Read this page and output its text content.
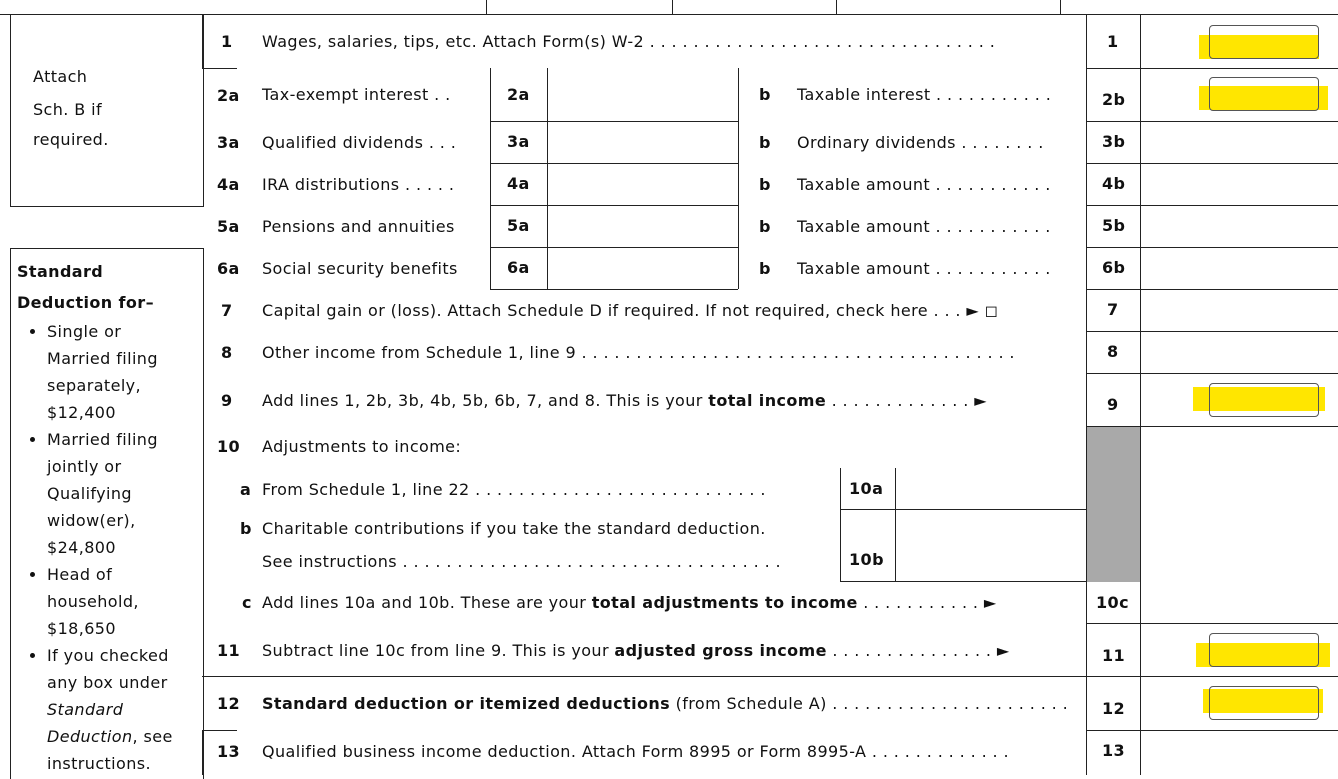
Attach
Sch. B if
required.
Standard
Deduction for–
• Single or
Married filing
separately,
$12,400
• Married filing
jointly or
Qualifying
widow(er),
$24,800
• Head of
household,
$18,650
• If you checked
any box under
Standard
Deduction, see
instructions.
1 Wages, salaries, tips, etc. Attach Form(s) W-2 . . . . . . . . . . . . . . . . . . . . . . . . . . . . . . . .	1
2a Tax-exempt interest . .	2a	b Taxable interest . . . . . . . . . . .	2b
3a Qualified dividends . . .	3a	b Ordinary dividends . . . . . . . .	3b
4a IRA distributions . . . . .	4a	b Taxable amount . . . . . . . . . . .	4b
5a Pensions and annuities	5a	b Taxable amount . . . . . . . . . . .	5b
6a Social security benefits	6a	b Taxable amount . . . . . . . . . . .	6b
7 Capital gain or (loss). Attach Schedule D if required. If not required, check here . . . ► ◻	7
8 Other income from Schedule 1, line 9 . . . . . . . . . . . . . . . . . . . . . . . . . . . . . . . . . . . . . . . .	8
9 Add lines 1, 2b, 3b, 4b, 5b, 6b, 7, and 8. This is your total income . . . . . . . . . . . . . ►	9
10 Adjustments to income:
a From Schedule 1, line 22 . . . . . . . . . . . . . . . . . . . . . . . . . . .	10a
b Charitable contributions if you take the standard deduction.
See instructions . . . . . . . . . . . . . . . . . . . . . . . . . . . . . . . . . . .	10b
c Add lines 10a and 10b. These are your total adjustments to income . . . . . . . . . . . ►	10c
11 Subtract line 10c from line 9. This is your adjusted gross income . . . . . . . . . . . . . . . ►	11
12 Standard deduction or itemized deductions (from Schedule A) . . . . . . . . . . . . . . . . . . . . . . 12
13 Qualified business income deduction. Attach Form 8995 or Form 8995-A . . . . . . . . . . . . .	13
